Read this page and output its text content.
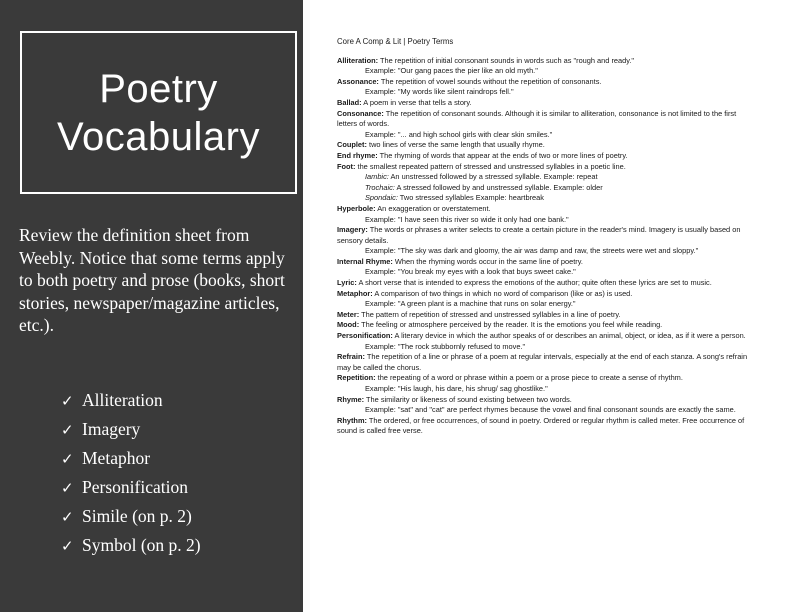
Poetry
Vocabulary

Review the definition sheet from Weebly. Notice that some terms apply to both poetry and prose (books, short stories, newspaper/magazine articles, etc.).

✓ Alliteration
✓ Imagery
✓ Metaphor
✓ Personification
✓ Simile (on p. 2)
✓ Symbol (on p. 2)
Core A Comp & Lit | Poetry Terms

Alliteration: The repetition of initial consonant sounds in words such as "rough and ready."

Example: "Our gang paces the pier like an old myth."

Assonance: The repetition of vowel sounds without the repetition of consonants.

Example: "My words like silent raindrops fell."

Ballad: A poem in verse that tells a story.

Consonance: The repetition of consonant sounds. Although it is similar to alliteration, consonance is not limited to the first letters of words.

Example: "... and high school girls with clear skin smiles."

Couplet: two lines of verse the same length that usually rhyme.

End rhyme: The rhyming of words that appear at the ends of two or more lines of poetry.

Foot: the smallest repeated pattern of stressed and unstressed syllables in a poetic line.

Iambic: An unstressed followed by a stressed syllable. Example: repeat

Trochaic: A stressed followed by and unstressed syllable. Example: older

Spondaic: Two stressed syllables Example: heartbreak

Hyperbole: An exaggeration or overstatement.

Example: "I have seen this river so wide it only had one bank."

Imagery: The words or phrases a writer selects to create a certain picture in the reader's mind. Imagery is usually based on sensory details.

Example: "The sky was dark and gloomy, the air was damp and raw, the streets were wet and sloppy."

Internal Rhyme: When the rhyming words occur in the same line of poetry.

Example: "You break my eyes with a look that buys sweet cake."

Lyric: A short verse that is intended to express the emotions of the author; quite often these lyrics are set to music.

Metaphor: A comparison of two things in which no word of comparison (like or as) is used.

Example: "A green plant is a machine that runs on solar energy."

Meter: The pattern of repetition of stressed and unstressed syllables in a line of poetry.

Mood: The feeling or atmosphere perceived by the reader. It is the emotions you feel while reading.

Personification: A literary device in which the author speaks of or describes an animal, object, or idea, as if it were a person.

Example: "The rock stubbornly refused to move."

Refrain: The repetition of a line or phrase of a poem at regular intervals, especially at the end of each stanza. A song's refrain may be called the chorus.

Repetition: the repeating of a word or phrase within a poem or a prose piece to create a sense of rhythm.

Example: "His laugh, his dare, his shrug/ sag ghostlike."

Rhyme: The similarity or likeness of sound existing between two words.

Example: "sat" and "cat" are perfect rhymes because the vowel and final consonant sounds are exactly the same.

Rhythm: The ordered, or free occurrences, of sound in poetry. Ordered or regular rhythm is called meter. Free occurrence of sound is called free verse.
